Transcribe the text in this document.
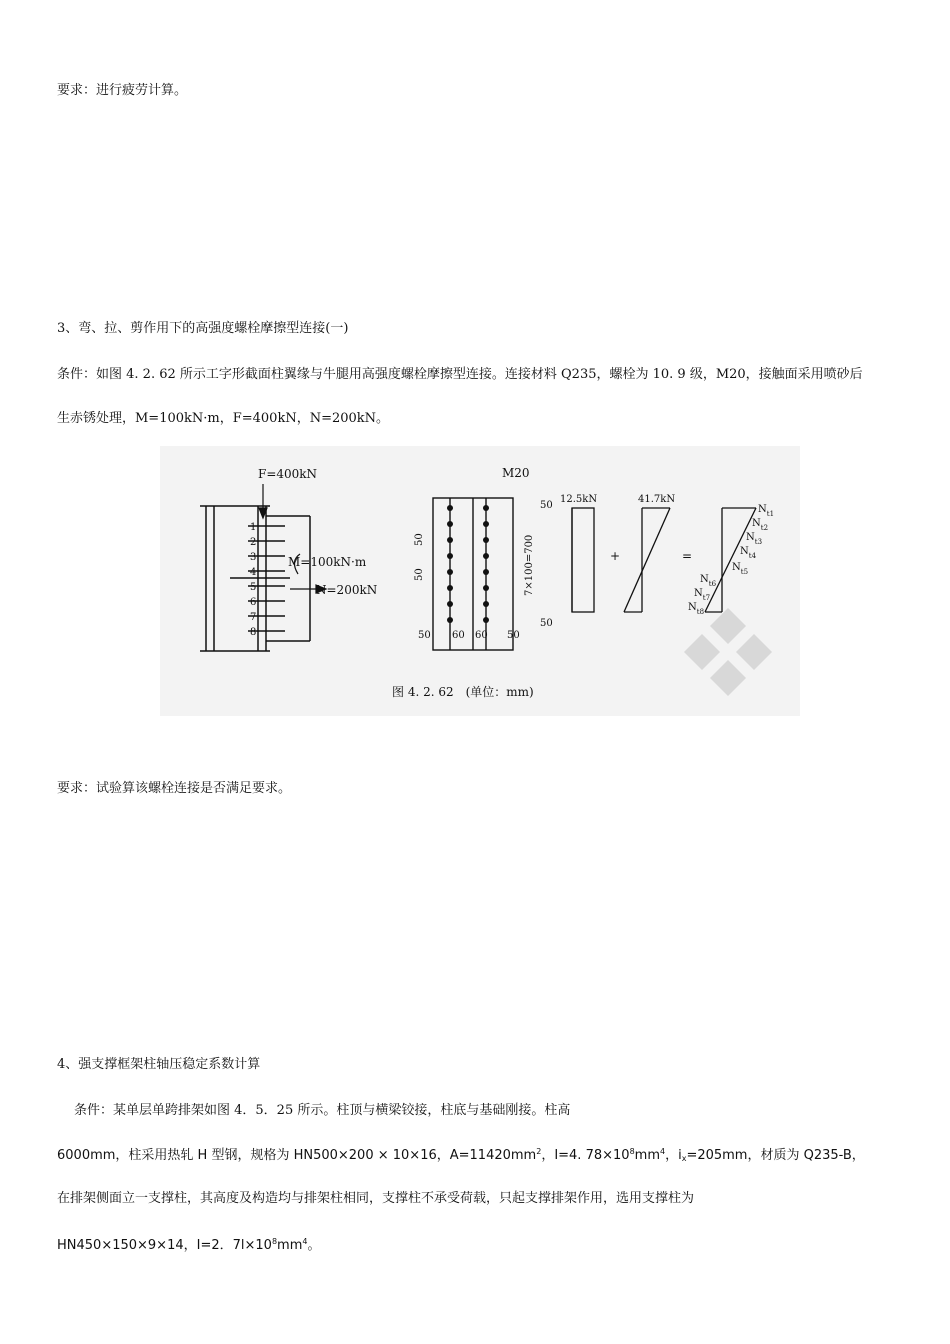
要求：进行疲劳计算。
3、弯、拉、剪作用下的高强度螺栓摩擦型连接(一)
条件：如图 4. 2. 62 所示工字形截面柱翼缘与牛腿用高强度螺栓摩擦型连接。连接材料 Q235，螺栓为 10. 9 级，M20，接触面采用喷砂后
生赤锈处理，M=100kN·m，F=400kN，N=200kN。
F=400kN
1
2
3
4
5
6
7
8
M=100kN·m
N=200kN
M20
50
7×100=700
50
50
50
50 60 60 50
12.5kN
+
41.7kN
=
$N_{t1}$
$N_{t2}$
$N_{t3}$
$N_{t4}$
$N_{t5}$
$N_{t6}$
$N_{t7}$
$N_{t8}$
图 4. 2. 62　(单位：mm)
要求：试验算该螺栓连接是否满足要求。
4、强支撑框架柱轴压稳定系数计算
条件：某单层单跨排架如图 4．5．25 所示。柱顶与横梁铰接，柱底与基础刚接。柱高
6000mm，柱采用热轧 H 型钢，规格为 HN500×200 × 10×16，$A=11420mm^2$，I=4. $78\times 10^8mm^4$，$i_x=205mm$，材质为 Q235-B，
在排架侧面立一支撑柱，其高度及构造均与排架柱相同，支撑柱不承受荷载，只起支撑排架作用，选用支撑柱为
HN450×150×9×14，I=2．$7l\times 10^8mm^4$。
